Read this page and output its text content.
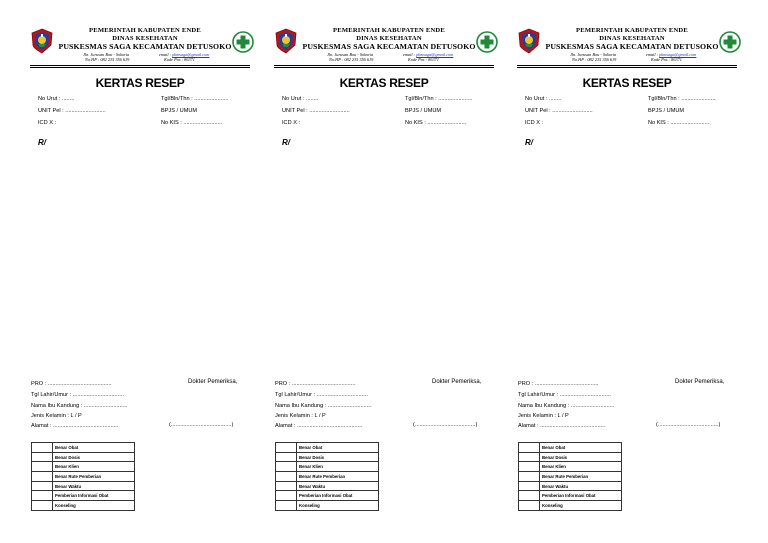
PEMERINTAH KABUPATEN ENDE
DINAS KESEHATAN
PUSKESMAS SAGA KECAMATAN DETUSOKO
Jln. Jurusan Bou - Sokoria	email : pkmsaga@gmail.com
No.HP : 082 235 356 619	Kode Pos : 86371
KERTAS RESEP
No Urut : ........	Tgl/Bln/Thn : ......................
UNIT Pel : ..........................	BPJS / UMUM
ICD X :	No KIS : .........................
R/
PRO : .........................................
Tgl Lahir/Umur : .................................
Nama Ibu Kandung : ............................
Jenis Kelamin : L / P
Alamat : ..........................................
Dokter Pemeriksa,
(.......................................)
	Benar Obat
	Benar Dosis
	Benar Klien
	Benar Rute Pemberian
	Benar Waktu
	Pemberian Informasi Obat
	Konseling
PEMERINTAH KABUPATEN ENDE
DINAS KESEHATAN
PUSKESMAS SAGA KECAMATAN DETUSOKO
Jln. Jurusan Bou - Sokoria	email : pkmsaga@gmail.com
No.HP : 082 235 356 619	Kode Pos : 86371
KERTAS RESEP
No Urut : ........	Tgl/Bln/Thn : ......................
UNIT Pel : ..........................	BPJS / UMUM
ICD X :	No KIS : .........................
R/
PRO : .........................................
Tgl Lahir/Umur : .................................
Nama Ibu Kandung : ............................
Jenis Kelamin : L / P
Alamat : ..........................................
Dokter Pemeriksa,
(.......................................)
	Benar Obat
	Benar Dosis
	Benar Klien
	Benar Rute Pemberian
	Benar Waktu
	Pemberian Informasi Obat
	Konseling
PEMERINTAH KABUPATEN ENDE
DINAS KESEHATAN
PUSKESMAS SAGA KECAMATAN DETUSOKO
Jln. Jurusan Bou - Sokoria	email : pkmsaga@gmail.com
No.HP : 082 235 356 619	Kode Pos : 86371
KERTAS RESEP
No Urut : ........	Tgl/Bln/Thn : ......................
UNIT Pel : ..........................	BPJS / UMUM
ICD X :	No KIS : .........................
R/
PRO : .........................................
Tgl Lahir/Umur : .................................
Nama Ibu Kandung : ............................
Jenis Kelamin : L / P
Alamat : ..........................................
Dokter Pemeriksa,
(.......................................)
	Benar Obat
	Benar Dosis
	Benar Klien
	Benar Rute Pemberian
	Benar Waktu
	Pemberian Informasi Obat
	Konseling
